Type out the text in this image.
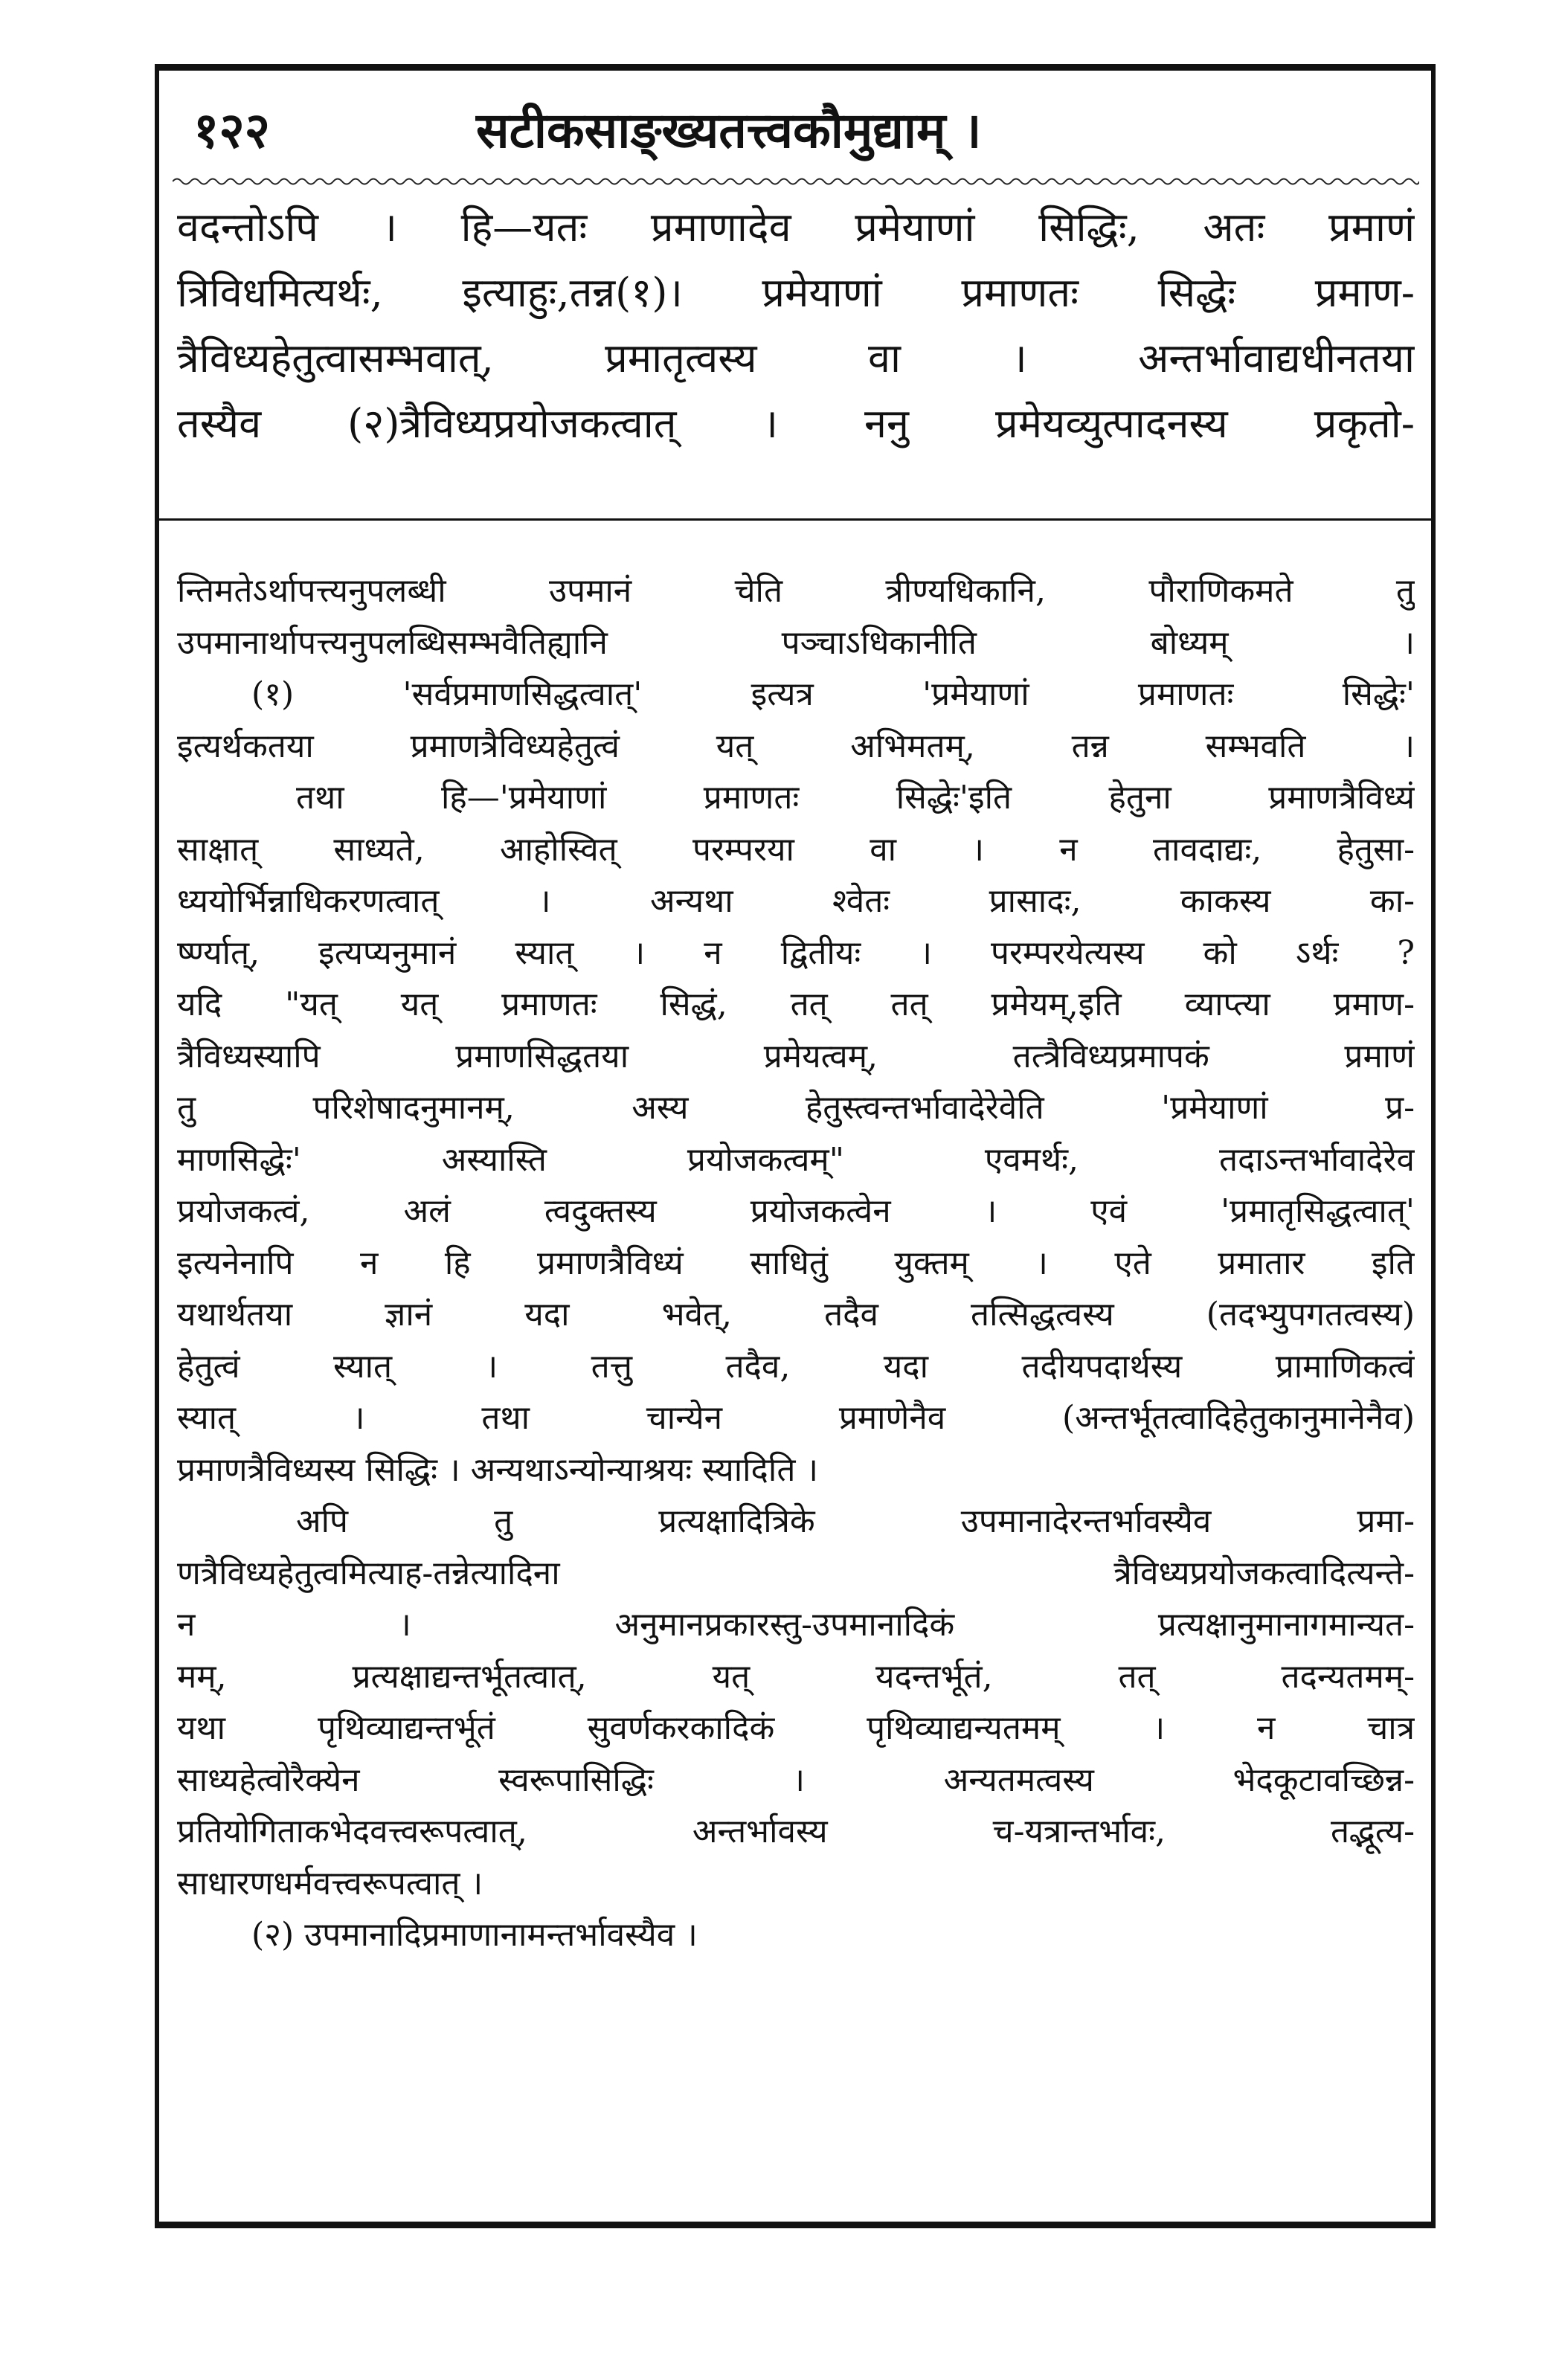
१२२	सटीकसाङ्ख्यतत्त्वकौमुद्याम् ।
वदन्तोऽपि । हि—यतः प्रमाणादेव प्रमेयाणां सिद्धिः, अतः प्रमाणं
त्रिविधमित्यर्थः, इत्याहुः,तन्न(१)। प्रमेयाणां प्रमाणतः सिद्धेः प्रमाण-
त्रैविध्यहेतुत्वासम्भवात्, प्रमातृत्वस्य वा । अन्तर्भावाद्यधीनतया
तस्यैव (२)त्रैविध्यप्रयोजकत्वात् । ननु प्रमेयव्युत्पादनस्य प्रकृतो-
न्तिमतेऽर्थापत्त्यनुपलब्धी उपमानं चेति त्रीण्यधिकानि, पौराणिकमते तु
उपमानार्थापत्त्यनुपलब्धिसम्भवैतिह्यानि पञ्चाऽधिकानीति बोध्यम् ।
(१) 'सर्वप्रमाणसिद्धत्वात्' इत्यत्र 'प्रमेयाणां प्रमाणतः सिद्धेः'
इत्यर्थकतया प्रमाणत्रैविध्यहेतुत्वं यत् अभिमतम्, तन्न सम्भवति ।
तथा हि—'प्रमेयाणां प्रमाणतः सिद्धेः'इति हेतुना प्रमाणत्रैविध्यं
साक्षात् साध्यते, आहोस्वित् परम्परया वा । न तावदाद्यः, हेतुसा-
ध्ययोर्भिन्नाधिकरणत्वात् । अन्यथा श्वेतः प्रासादः, काकस्य का-
र्ष्ण्यात्, इत्यप्यनुमानं स्यात् । न द्वितीयः । परम्परयेत्यस्य को ऽर्थः ?
यदि "यत् यत् प्रमाणतः सिद्धं, तत् तत् प्रमेयम्,इति व्याप्त्या प्रमाण-
त्रैविध्यस्यापि प्रमाणसिद्धतया प्रमेयत्वम्, तत्त्रैविध्यप्रमापकं प्रमाणं
तु परिशेषादनुमानम्, अस्य हेतुस्त्वन्तर्भावादेरेवेति 'प्रमेयाणां प्र-
माणसिद्धेः' अस्यास्ति प्रयोजकत्वम्" एवमर्थः, तदाऽन्तर्भावादेरेव
प्रयोजकत्वं, अलं त्वदुक्तस्य प्रयोजकत्वेन । एवं 'प्रमातृसिद्धत्वात्'
इत्यनेनापि न हि प्रमाणत्रैविध्यं साधितुं युक्तम् । एते प्रमातार इति
यथार्थतया ज्ञानं यदा भवेत्, तदैव तत्सिद्धत्वस्य (तदभ्युपगतत्वस्य)
हेतुत्वं स्यात् । तत्तु तदैव, यदा तदीयपदार्थस्य प्रामाणिकत्वं
स्यात् । तथा चान्येन प्रमाणेनैव (अन्तर्भूतत्वादिहेतुकानुमानेनैव)
प्रमाणत्रैविध्यस्य सिद्धिः । अन्यथाऽन्योन्याश्रयः स्यादिति ।
अपि तु प्रत्यक्षादित्रिके उपमानादेरन्तर्भावस्यैव प्रमा-
णत्रैविध्यहेतुत्वमित्याह-तन्नेत्यादिना त्रैविध्यप्रयोजकत्वादित्यन्ते-
न । अनुमानप्रकारस्तु-उपमानादिकं प्रत्यक्षानुमानागमान्यत-
मम्, प्रत्यक्षाद्यन्तर्भूतत्वात्, यत् यदन्तर्भूतं, तत् तदन्यतमम्-
यथा पृथिव्याद्यन्तर्भूतं सुवर्णकरकादिकं पृथिव्याद्यन्यतमम् । न चात्र
साध्यहेत्वोरैक्येन स्वरूपासिद्धिः । अन्यतमत्वस्य भेदकूटावच्छिन्न-
प्रतियोगिताकभेदवत्त्वरूपत्वात्, अन्तर्भावस्य च-यत्रान्तर्भावः, तद्भूत्य-
साधारणधर्मवत्त्वरूपत्वात् ।
(२) उपमानादिप्रमाणानामन्तर्भावस्यैव ।
